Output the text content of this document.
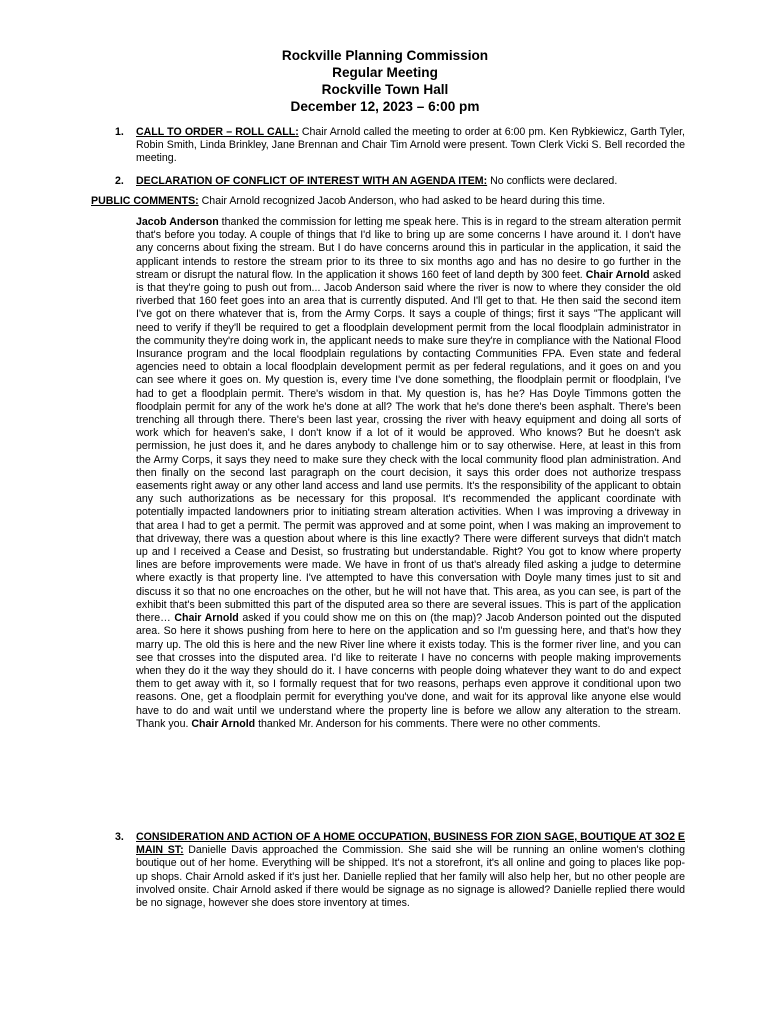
Rockville Planning Commission
Regular Meeting
Rockville Town Hall
December 12, 2023 – 6:00 pm
1. CALL TO ORDER – ROLL CALL: Chair Arnold called the meeting to order at 6:00 pm. Ken Rybkiewicz, Garth Tyler, Robin Smith, Linda Brinkley, Jane Brennan and Chair Tim Arnold were present. Town Clerk Vicki S. Bell recorded the meeting.
2. DECLARATION OF CONFLICT OF INTEREST WITH AN AGENDA ITEM: No conflicts were declared.
PUBLIC COMMENTS: Chair Arnold recognized Jacob Anderson, who had asked to be heard during this time.
Jacob Anderson thanked the commission for letting me speak here. This is in regard to the stream alteration permit that's before you today. A couple of things that I'd like to bring up are some concerns I have around it. I don't have any concerns about fixing the stream. But I do have concerns around this in particular in the application, it said the applicant intends to restore the stream prior to its three to six months ago and has no desire to go further in the stream or disrupt the natural flow. In the application it shows 160 feet of land depth by 300 feet. Chair Arnold asked is that they're going to push out from... Jacob Anderson said where the river is now to where they consider the old riverbed that 160 feet goes into an area that is currently disputed. And I'll get to that. He then said the second item I've got on there whatever that is, from the Army Corps. It says a couple of things; first it says "The applicant will need to verify if they'll be required to get a floodplain development permit from the local floodplain administrator in the community they're doing work in, the applicant needs to make sure they're in compliance with the National Flood Insurance program and the local floodplain regulations by contacting Communities FPA. Even state and federal agencies need to obtain a local floodplain development permit as per federal regulations, and it goes on and you can see where it goes on. My question is, every time I've done something, the floodplain permit or floodplain, I've had to get a floodplain permit. There's wisdom in that. My question is, has he? Has Doyle Timmons gotten the floodplain permit for any of the work he's done at all? The work that he's done there's been asphalt. There's been trenching all through there. There's been last year, crossing the river with heavy equipment and doing all sorts of work which for heaven's sake, I don't know if a lot of it would be approved. Who knows? But he doesn't ask permission, he just does it, and he dares anybody to challenge him or to say otherwise. Here, at least in this from the Army Corps, it says they need to make sure they check with the local community flood plan administration. And then finally on the second last paragraph on the court decision, it says this order does not authorize trespass easements right away or any other land access and land use permits. It's the responsibility of the applicant to obtain any such authorizations as be necessary for this proposal. It's recommended the applicant coordinate with potentially impacted landowners prior to initiating stream alteration activities. When I was improving a driveway in that area I had to get a permit. The permit was approved and at some point, when I was making an improvement to that driveway, there was a question about where is this line exactly? There were different surveys that didn't match up and I received a Cease and Desist, so frustrating but understandable. Right? You got to know where property lines are before improvements were made. We have in front of us that's already filed asking a judge to determine where exactly is that property line. I've attempted to have this conversation with Doyle many times just to sit and discuss it so that no one encroaches on the other, but he will not have that. This area, as you can see, is part of the exhibit that's been submitted this part of the disputed area so there are several issues. This is part of the application there… Chair Arnold asked if you could show me on this on (the map)? Jacob Anderson pointed out the disputed area. So here it shows pushing from here to here on the application and so I'm guessing here, and that's how they marry up. The old this is here and the new River line where it exists today. This is the former river line, and you can see that crosses into the disputed area. I'd like to reiterate I have no concerns with people making improvements when they do it the way they should do it. I have concerns with people doing whatever they want to do and expect them to get away with it, so I formally request that for two reasons, perhaps even approve it conditional upon two reasons. One, get a floodplain permit for everything you've done, and wait for its approval like anyone else would have to do and wait until we understand where the property line is before we allow any alteration to the stream. Thank you. Chair Arnold thanked Mr. Anderson for his comments. There were no other comments.
3. CONSIDERATION AND ACTION OF A HOME OCCUPATION, BUSINESS FOR ZION SAGE, BOUTIQUE AT 3O2 E MAIN ST: Danielle Davis approached the Commission. She said she will be running an online women's clothing boutique out of her home. Everything will be shipped. It's not a storefront, it's all online and going to places like pop-up shops. Chair Arnold asked if it's just her. Danielle replied that her family will also help her, but no other people are involved onsite. Chair Arnold asked if there would be signage as no signage is allowed? Danielle replied there would be no signage, however she does store inventory at times.
